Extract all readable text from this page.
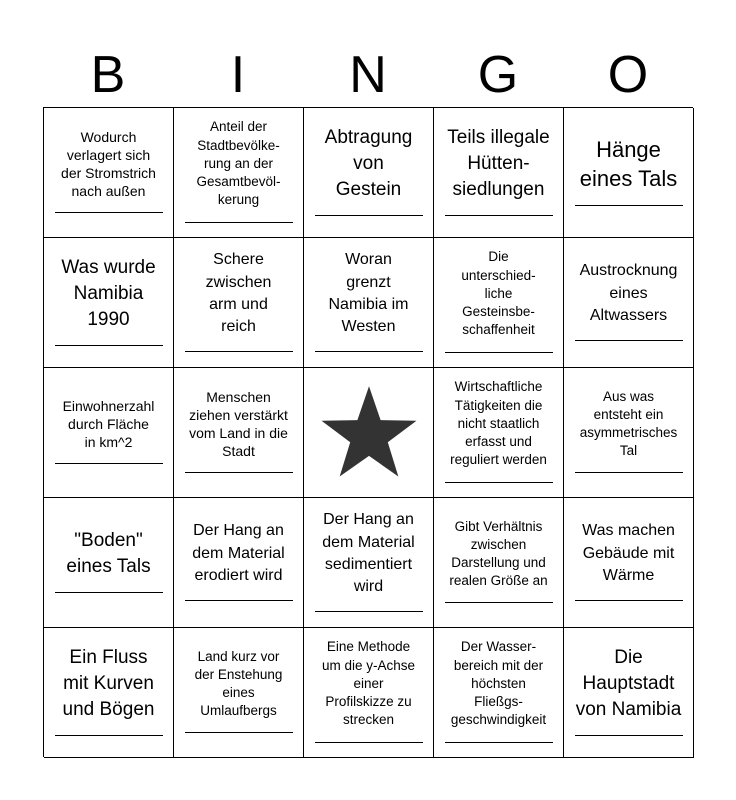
B	I	N	G	O
Wodurch
verlagert sich
der Stromstrich
nach außen
Anteil der
Stadtbevölke-
rung an der
Gesamtbevöl-
kerung
Abtragung
von
Gestein
Teils illegale
Hütten-
siedlungen
Hänge
eines Tals
Was wurde
Namibia
1990
Schere
zwischen
arm und
reich
Woran
grenzt
Namibia im
Westen
Die
unterschied-
liche
Gesteinsbe-
schaffenheit
Austrocknung
eines
Altwassers
Einwohnerzahl
durch Fläche
in km^2
Menschen
ziehen verstärkt
vom Land in die
Stadt
Wirtschaftliche
Tätigkeiten die
nicht staatlich
erfasst und
reguliert werden
Aus was
entsteht ein
asymmetrisches
Tal
"Boden"
eines Tals
Der Hang an
dem Material
erodiert wird
Der Hang an
dem Material
sedimentiert
wird
Gibt Verhältnis
zwischen
Darstellung und
realen Größe an
Was machen
Gebäude mit
Wärme
Ein Fluss
mit Kurven
und Bögen
Land kurz vor
der Enstehung
eines
Umlaufbergs
Eine Methode
um die y-Achse
einer
Profilskizze zu
strecken
Der Wasser-
bereich mit der
höchsten
Fließgs-
geschwindigkeit
Die
Hauptstadt
von Namibia
